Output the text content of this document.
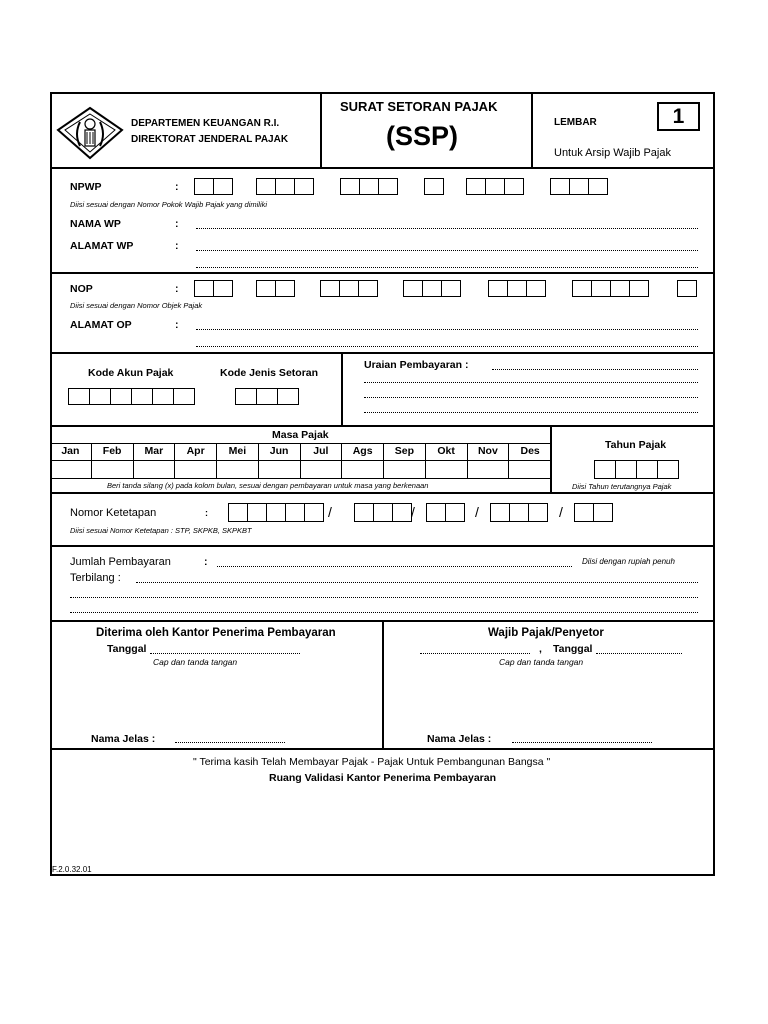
DEPARTEMEN KEUANGAN R.I.
DIREKTORAT JENDERAL PAJAK
SURAT SETORAN PAJAK
(SSP)	LEMBAR	1
Untuk Arsip Wajib Pajak
NPWP	:
Diisi sesuai dengan Nomor Pokok Wajib Pajak yang dimiliki
NAMA WP	:
ALAMAT WP	:
NOP	:
Diisi sesuai dengan Nomor Objek Pajak
ALAMAT OP	:
Kode Akun Pajak	Kode Jenis Setoran
Uraian Pembayaran :
Masa Pajak
Jan	Feb	Mar	Apr	Mei	Jun	Jul	Ags	Sep	Okt	Nov	Des
Beri tanda silang (x) pada kolom bulan, sesuai dengan pembayaran untuk masa yang berkenaan
Tahun Pajak
Diisi Tahun terutangnya Pajak
Nomor Ketetapan	:	/	/	/	/
Diisi sesuai Nomor Ketetapan : STP, SKPKB, SKPKBT
Jumlah Pembayaran	:	Diisi dengan rupiah penuh
Terbilang :
Diterima oleh Kantor Penerima Pembayaran
Tanggal
Cap dan tanda tangan
Nama Jelas :
Wajib Pajak/Penyetor
, Tanggal
Cap dan tanda tangan
Nama Jelas :
" Terima kasih Telah Membayar Pajak - Pajak Untuk Pembangunan Bangsa "
Ruang Validasi Kantor Penerima Pembayaran
F.2.0.32.01
